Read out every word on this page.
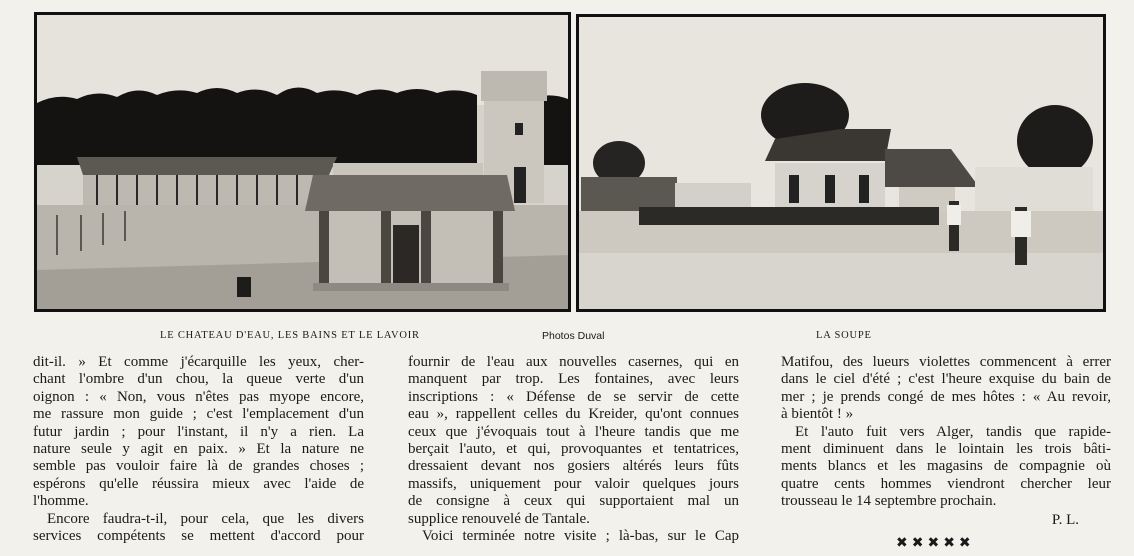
LE CHATEAU D'EAU, LES BAINS ET LE LAVOIR	Photos Duval	LA SOUPE
dit-il. » Et comme j'écarquille les yeux, cher-
chant l'ombre d'un chou, la queue verte d'un
oignon : « Non, vous n'êtes pas myope encore,
me rassure mon guide ; c'est l'emplacement d'un
futur jardin ; pour l'instant, il n'y a rien. La
nature seule y agit en paix. » Et la nature ne
semble pas vouloir faire là de grandes choses ;
espérons qu'elle réussira mieux avec l'aide de
l'homme.
Encore faudra-t-il, pour cela, que les divers
services compétents se mettent d'accord pour
fournir de l'eau aux nouvelles casernes, qui en
manquent par trop. Les fontaines, avec leurs
inscriptions : « Défense de se servir de cette
eau », rappellent celles du Kreider, qu'ont connues
ceux que j'évoquais tout à l'heure tandis que me
berçait l'auto, et qui, provoquantes et tentatrices,
dressaient devant nos gosiers altérés leurs fûts
massifs, uniquement pour valoir quelques jours
de consigne à ceux qui supportaient mal un
supplice renouvelé de Tantale.
Voici terminée notre visite ; là-bas, sur le Cap
Matifou, des lueurs violettes commencent à errer
dans le ciel d'été ; c'est l'heure exquise du bain de
mer ; je prends congé de mes hôtes : « Au revoir,
à bientôt ! »
Et l'auto fuit vers Alger, tandis que rapide-
ment diminuent dans le lointain les trois bâti-
ments blancs et les magasins de compagnie où
quatre cents hommes viendront chercher leur
trousseau le 14 septembre prochain.
P. L.
✖✖✖✖✖
